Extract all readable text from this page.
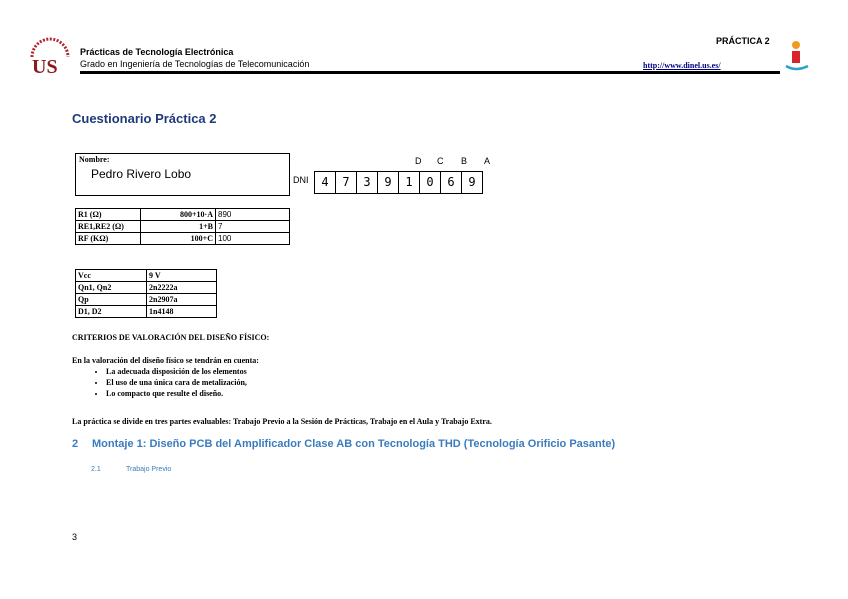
US
Prácticas de Tecnología Electrónica
Grado en Ingeniería de Tecnologías de Telecomunicación
PRÁCTICA 2
http://www.dinel.us.es/
Cuestionario Práctica 2
Nombre:
Pedro Rivero Lobo	DNI
D C B A
4	7	3	9	1	0	6	9
R1 (Ω)	800+10·A	890
RE1,RE2 (Ω)	1+B	7
RF (KΩ)	100+C	100
Vcc	9 V
Qn1, Qn2	2n2222a
Qp	2n2907a
D1, D2	1n4148
CRITERIOS DE VALORACIÓN DEL DISEÑO FÍSICO:
En la valoración del diseño físico se tendrán en cuenta:
• La adecuada disposición de los elementos
• El uso de una única cara de metalización,
• Lo compacto que resulte el diseño.
La práctica se divide en tres partes evaluables: Trabajo Previo a la Sesión de Prácticas, Trabajo en el Aula y Trabajo Extra.
2 Montaje 1: Diseño PCB del Amplificador Clase AB con Tecnología THD (Tecnología Orificio Pasante)
2.1	Trabajo Previo
3
